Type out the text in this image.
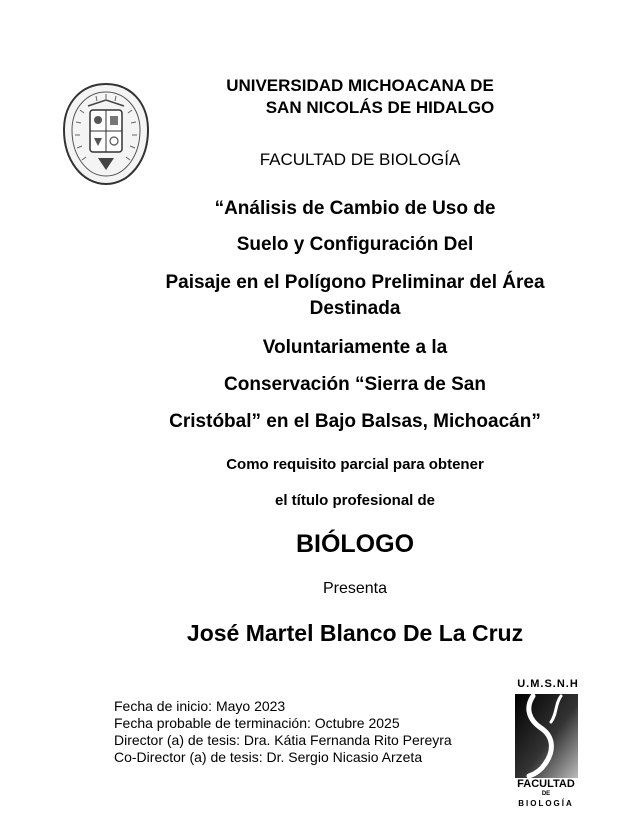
UNIVERSIDAD MICHOACANA DE
SAN NICOLÁS DE HIDALGO
FACULTAD DE BIOLOGÍA
“Análisis de Cambio de Uso de
Suelo y Configuración Del
Paisaje en el Polígono Preliminar del Área
Destinada
Voluntariamente a la
Conservación “Sierra de San
Cristóbal” en el Bajo Balsas, Michoacán”
Como requisito parcial para obtener
el título profesional de
BIÓLOGO
Presenta
José Martel Blanco De La Cruz
Fecha de inicio: Mayo 2023
Fecha probable de terminación: Octubre 2025
Director (a) de tesis: Dra. Kátia Fernanda Rito Pereyra
Co-Director (a) de tesis: Dr. Sergio Nicasio Arzeta
U.M.S.N.H
FACULTAD
DE
BIOLOGÍA
